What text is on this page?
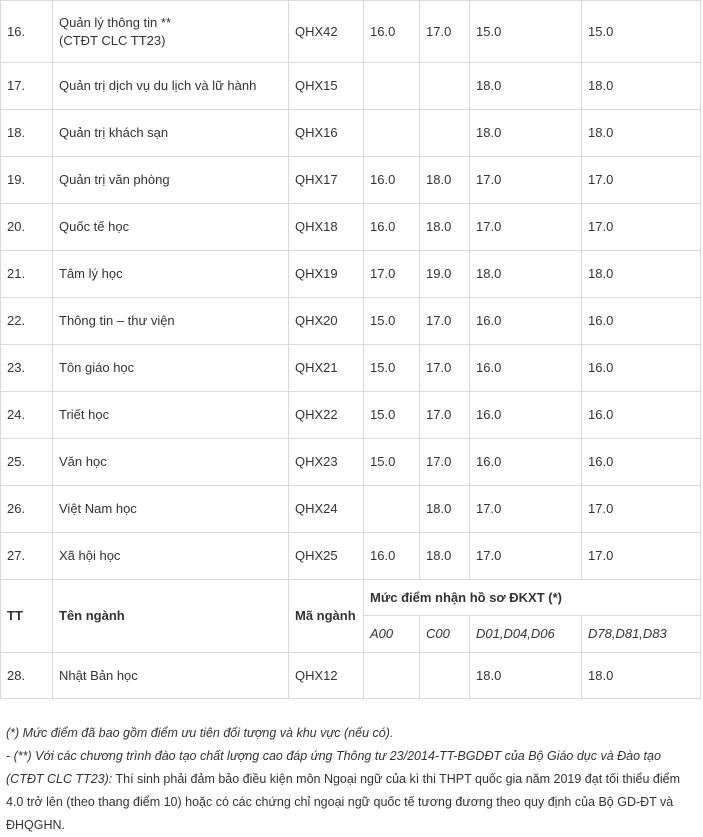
16.	Quản lý thông tin **
(CTĐT CLC TT23)	QHX42	16.0	17.0	15.0	15.0
17.	Quản trị dịch vụ du lịch và lữ hành	QHX15			18.0	18.0
18.	Quản trị khách sạn	QHX16			18.0	18.0
19.	Quản trị văn phòng	QHX17	16.0	18.0	17.0	17.0
20.	Quốc tế học	QHX18	16.0	18.0	17.0	17.0
21.	Tâm lý học	QHX19	17.0	19.0	18.0	18.0
22.	Thông tin – thư viện	QHX20	15.0	17.0	16.0	16.0
23.	Tôn giáo học	QHX21	15.0	17.0	16.0	16.0
24.	Triết học	QHX22	15.0	17.0	16.0	16.0
25.	Văn học	QHX23	15.0	17.0	16.0	16.0
26.	Việt Nam học	QHX24		18.0	17.0	17.0
27.	Xã hội học	QHX25	16.0	18.0	17.0	17.0
TT	Tên ngành	Mã ngành	Mức điểm nhận hồ sơ ĐKXT (*)			
			A00	C00	D01,D04,D06	D78,D81,D83
28.	Nhật Bản học	QHX12			18.0	18.0

(*) Mức điểm đã bao gồm điểm ưu tiên đối tượng và khu vực (nếu có).

- (**) Với các chương trình đào tạo chất lượng cao đáp ứng Thông tư 23/2014-TT-BGDĐT của Bộ Giáo dục và Đào tạo (CTĐT CLC TT23): Thí sinh phải đảm bảo điều kiện môn Ngoại ngữ của kì thi THPT quốc gia năm 2019 đạt tối thiểu điểm 4.0 trở lên (theo thang điểm 10) hoặc có các chứng chỉ ngoại ngữ quốc tế tương đương theo quy định của Bộ GD-ĐT và ĐHQGHN.
